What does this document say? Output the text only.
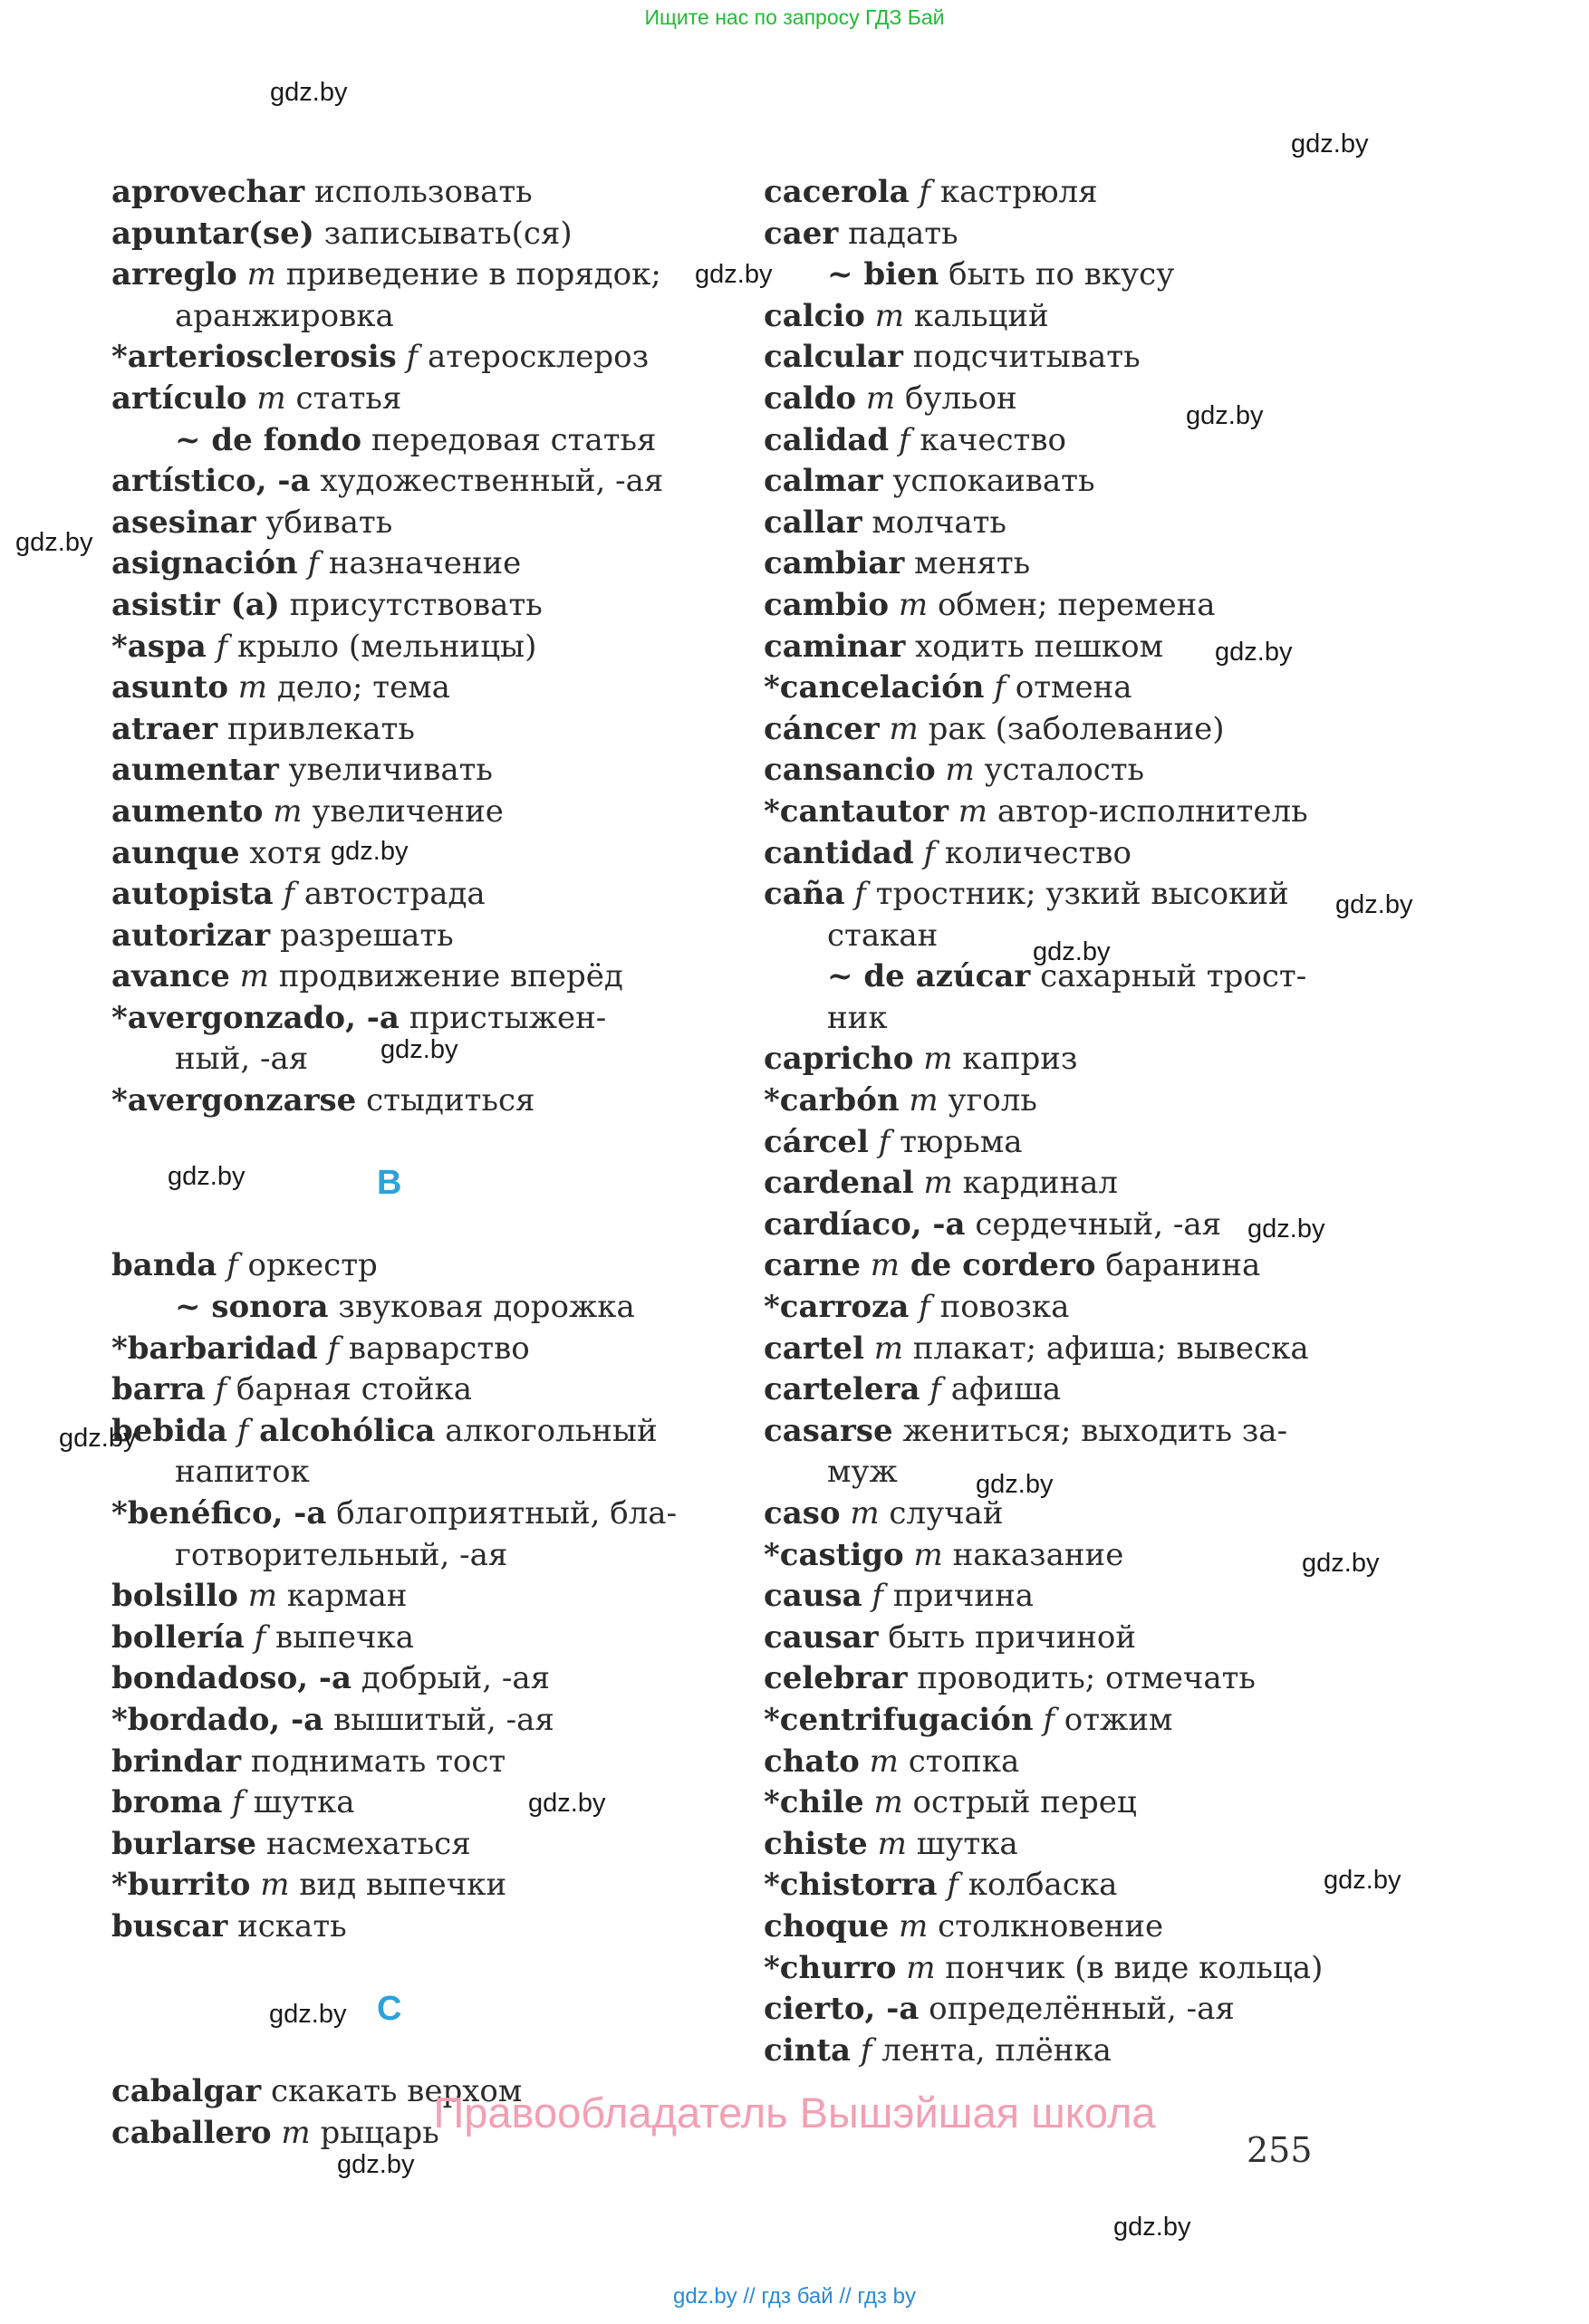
Ищите нас по запросу ГДЗ Бай
aprovechar использовать
apuntar(se) записывать(ся)
arreglo m приведение в порядок;
аранжировка
*arteriosclerosis f атеросклероз
artículo m статья
~ de fondo передовая статья
artístico, -a художественный, -ая
asesinar убивать
asignación f назначение
asistir (a) присутствовать
*aspa f крыло (мельницы)
asunto m дело; тема
atraer привлекать
aumentar увеличивать
aumento m увеличение
aunque хотя
autopista f автострада
autorizar разрешать
avance m продвижение вперёд
*avergonzado, -a пристыжен-
ный, -ая
*avergonzarse стыдиться
B
banda f оркестр
~ sonora звуковая дорожка
*barbaridad f варварство
barra f барная стойка
bebida f alcohólica алкогольный
напиток
*benéfico, -a благоприятный, бла-
готворительный, -ая
bolsillo m карман
bollería f выпечка
bondadoso, -a добрый, -ая
*bordado, -a вышитый, -ая
brindar поднимать тост
broma f шутка
burlarse насмехаться
*burrito m вид выпечки
buscar искать
C
cabalgar скакать верхом
caballero m рыцарь
cacerola f кастрюля
caer падать
~ bien быть по вкусу
calcio m кальций
calcular подсчитывать
caldo m бульон
calidad f качество
calmar успокаивать
callar молчать
cambiar менять
cambio m обмен; перемена
caminar ходить пешком
*cancelación f отмена
cáncer m рак (заболевание)
cansancio m усталость
*cantautor m автор-исполнитель
cantidad f количество
caña f тростник; узкий высокий
стакан
~ de azúcar сахарный трост-
ник
capricho m каприз
*carbón m уголь
cárcel f тюрьма
cardenal m кардинал
cardíaco, -a сердечный, -ая
carne m de cordero баранина
*carroza f повозка
cartel m плакат; афиша; вывеска
cartelera f афиша
casarse жениться; выходить за-
муж
caso m случай
*castigo m наказание
causa f причина
causar быть причиной
celebrar проводить; отмечать
*centrifugación f отжим
chato m стопка
*chile m острый перец
chiste m шутка
*chistorra f колбаска
choque m столкновение
*churro m пончик (в виде кольца)
cierto, -a определённый, -ая
cinta f лента, плёнка
Правообладатель Вышэйшая школа
255
gdz.by // гдз бай // гдз by
gdz.by
gdz.by
gdz.by
gdz.by
gdz.by
gdz.by
gdz.by
gdz.by
gdz.by
gdz.by
gdz.by
gdz.by
gdz.by
gdz.by
gdz.by
gdz.by
gdz.by
gdz.by
gdz.by
gdz.by
